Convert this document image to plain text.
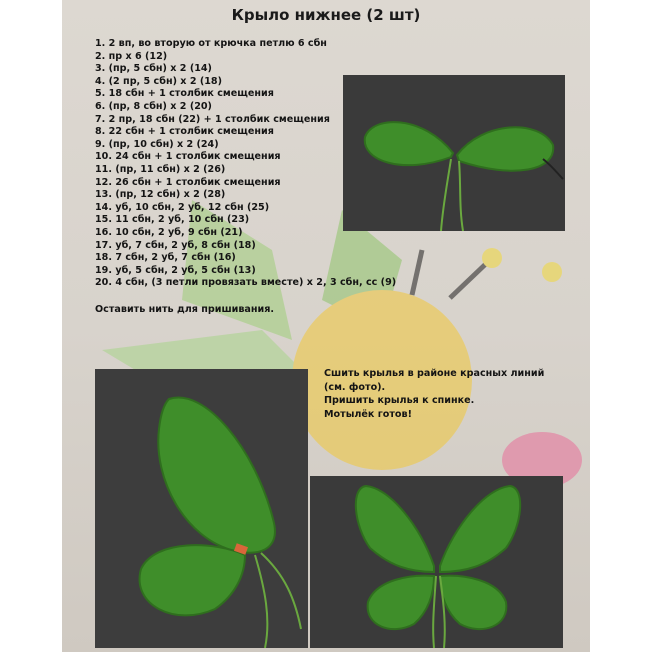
Крыло нижнее (2 шт)
1. 2 вп, во вторую от крючка петлю 6 сбн
2. пр х 6 (12)
3. (пр, 5 сбн) х 2 (14)
4. (2 пр, 5 сбн) х 2 (18)
5. 18 сбн + 1 столбик смещения
6. (пр, 8 сбн) х 2 (20)
7. 2 пр, 18 сбн (22) + 1 столбик смещения
8. 22 сбн + 1 столбик смещения
9. (пр, 10 сбн) х 2 (24)
10. 24 сбн + 1 столбик смещения
11. (пр, 11 сбн) х 2 (26)
12. 26 сбн + 1 столбик смещения
13. (пр, 12 сбн) х 2 (28)
14. уб, 10 сбн, 2 уб, 12 сбн (25)
15. 11 сбн, 2 уб, 10 сбн (23)
16. 10 сбн, 2 уб, 9 сбн (21)
17. уб, 7 сбн, 2 уб, 8 сбн (18)
18. 7 сбн, 2 уб, 7 сбн (16)
19. уб, 5 сбн, 2 уб, 5 сбн (13)
20. 4 сбн, (3 петли провязать вместе) х 2, 3 сбн, сс (9)
Оставить нить для пришивания.
Сшить крылья в районе красных линий
(см. фото).
Пришить крылья к спинке.
Мотылёк готов!
